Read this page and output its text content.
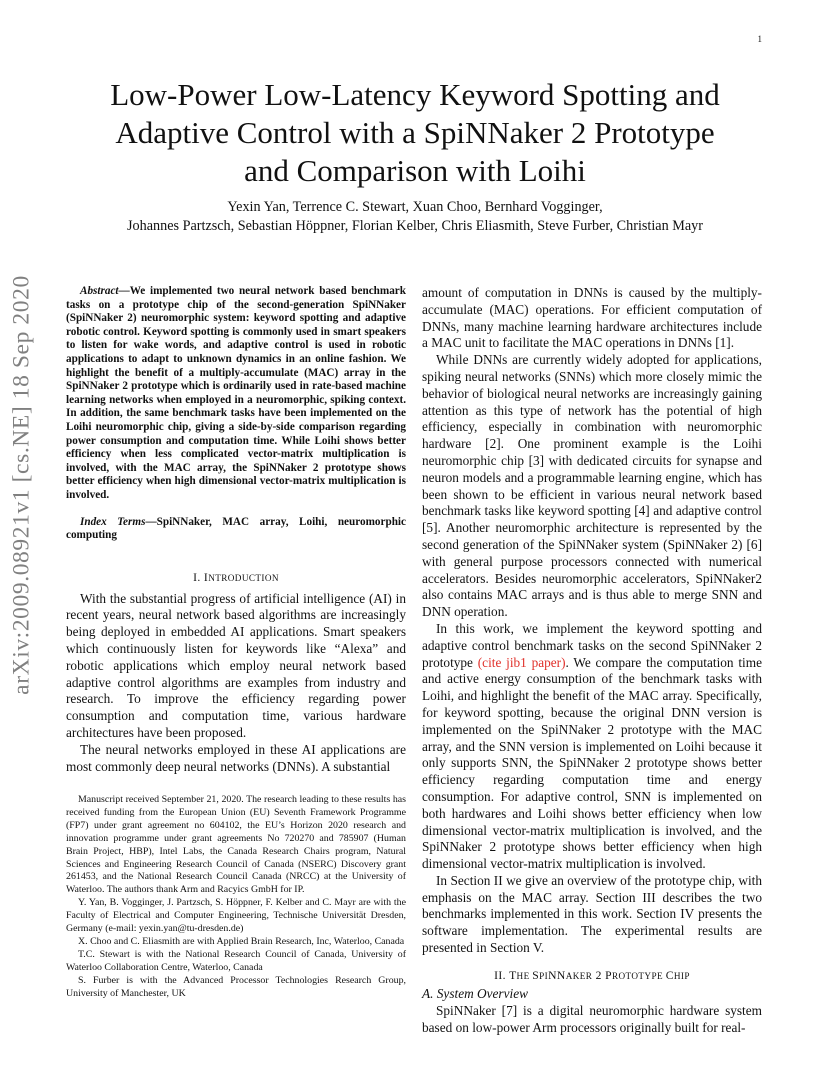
1
Low-Power Low-Latency Keyword Spotting and
Adaptive Control with a SpiNNaker 2 Prototype
and Comparison with Loihi
Yexin Yan, Terrence C. Stewart, Xuan Choo, Bernhard Vogginger,
Johannes Partzsch, Sebastian Höppner, Florian Kelber, Chris Eliasmith, Steve Furber, Christian Mayr
arXiv:2009.08921v1 [cs.NE] 18 Sep 2020	Abstract—We implemented two neural network based benchmark tasks on a prototype chip of the second-generation SpiNNaker (SpiNNaker 2) neuromorphic system: keyword spotting and adaptive robotic control. Keyword spotting is commonly used in smart speakers to listen for wake words, and adaptive control is used in robotic applications to adapt to unknown dynamics in an online fashion. We highlight the benefit of a multiply-accumulate (MAC) array in the SpiNNaker 2 prototype which is ordinarily used in rate-based machine learning networks when employed in a neuromorphic, spiking context. In addition, the same benchmark tasks have been implemented on the Loihi neuromorphic chip, giving a side-by-side comparison regarding power consumption and computation time. While Loihi shows better efficiency when less complicated vector-matrix multiplication is involved, with the MAC array, the SpiNNaker 2 prototype shows better efficiency when high dimensional vector-matrix multiplication is involved.

Index Terms—SpiNNaker, MAC array, Loihi, neuromorphic computing

I. INTRODUCTION

With the substantial progress of artificial intelligence (AI) in recent years, neural network based algorithms are increasingly being deployed in embedded AI applications. Smart speakers which continuously listen for keywords like “Alexa” and robotic applications which employ neural network based adaptive control algorithms are examples from industry and research. To improve the efficiency regarding power consumption and computation time, various hardware architectures have been proposed.

The neural networks employed in these AI applications are most commonly deep neural networks (DNNs). A substantial

Manuscript received September 21, 2020. The research leading to these results has received funding from the European Union (EU) Seventh Framework Programme (FP7) under grant agreement no 604102, the EU’s Horizon 2020 research and innovation programme under grant agreements No 720270 and 785907 (Human Brain Project, HBP), Intel Labs, the Canada Research Chairs program, Natural Sciences and Engineering Research Council of Canada (NSERC) Discovery grant 261453, and the National Research Council Canada (NRCC) at the University of Waterloo. The authors thank Arm and Racyics GmbH for IP.

Y. Yan, B. Vogginger, J. Partzsch, S. Höppner, F. Kelber and C. Mayr are with the Faculty of Electrical and Computer Engineering, Technische Universität Dresden, Germany (e-mail: yexin.yan@tu-dresden.de)

X. Choo and C. Eliasmith are with Applied Brain Research, Inc, Waterloo, Canada

T.C. Stewart is with the National Research Council of Canada, University of Waterloo Collaboration Centre, Waterloo, Canada

S. Furber is with the Advanced Processor Technologies Research Group, University of Manchester, UK

amount of computation in DNNs is caused by the multiply-accumulate (MAC) operations. For efficient computation of DNNs, many machine learning hardware architectures include a MAC unit to facilitate the MAC operations in DNNs [1].

While DNNs are currently widely adopted for applications, spiking neural networks (SNNs) which more closely mimic the behavior of biological neural networks are increasingly gaining attention as this type of network has the potential of high efficiency, especially in combination with neuromorphic hardware [2]. One prominent example is the Loihi neuromorphic chip [3] with dedicated circuits for synapse and neuron models and a programmable learning engine, which has been shown to be efficient in various neural network based benchmark tasks like keyword spotting [4] and adaptive control [5]. Another neuromorphic architecture is represented by the second generation of the SpiNNaker system (SpiNNaker 2) [6] with general purpose processors connected with numerical accelerators. Besides neuromorphic accelerators, SpiNNaker2 also contains MAC arrays and is thus able to merge SNN and DNN operation.

In this work, we implement the keyword spotting and adaptive control benchmark tasks on the second SpiNNaker 2 prototype (cite jib1 paper). We compare the computation time and active energy consumption of the benchmark tasks with Loihi, and highlight the benefit of the MAC array. Specifically, for keyword spotting, because the original DNN version is implemented on the SpiNNaker 2 prototype with the MAC array, and the SNN version is implemented on Loihi because it only supports SNN, the SpiNNaker 2 prototype shows better efficiency regarding computation time and energy consumption. For adaptive control, SNN is implemented on both hardwares and Loihi shows better efficiency when low dimensional vector-matrix multiplication is involved, and the SpiNNaker 2 prototype shows better efficiency when high dimensional vector-matrix multiplication is involved.

In Section II we give an overview of the prototype chip, with emphasis on the MAC array. Section III describes the two benchmarks implemented in this work. Section IV presents the software implementation. The experimental results are presented in Section V.

II. THE SPINNAKER 2 PROTOTYPE CHIP

A. System Overview

SpiNNaker [7] is a digital neuromorphic hardware system based on low-power Arm processors originally built for real-
